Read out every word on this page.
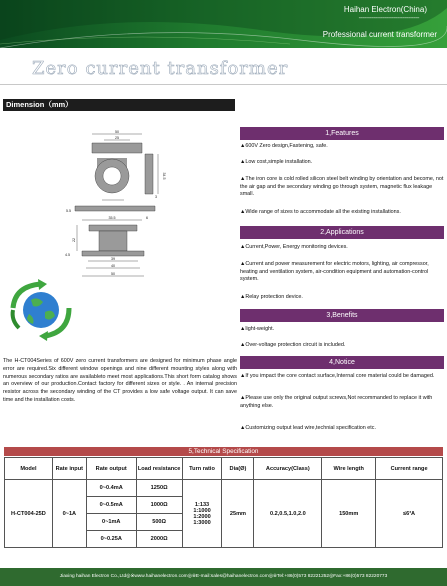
Haihan Electron(China)
---------------------------------
Professional current transformer
Zero current transformer
Dimension（mm）
50
25
34.5
3
5.5
35.5	6
22
4.5
39
40
50
The H-CT004Series of 600V zero current transformers are designed for minimum phase angle error are required.Six different window openings and nine different mounting styles along with numerous secondary ratios are availableto meet most applications.This short form catalog shows an overview of our production.Contact factory for different sizes or style. . An internal precision resistor across the secondary winding of the CT provides a low safe voltage output. It can save time and the installation costs.
1,Features
▲600V Zero design,Fastening, safe.
▲Low cost,simple installation.
▲The iron core is cold rolled silicon steel belt winding by orientation and become, not the air gap and the secondary winding go through system, magnetic flux leakage small.
▲Wide range of sizes to accommodate all the existing installations.
2,Applications
▲Current,Power, Energy monitoring devices.
▲Current and power measurement for electric motors, lighting, air compressor, heating and ventilation system, air-condition equipment and automation-control system.
▲Relay protection device.
3,Benefits
▲light-weight.
▲Over-voltage protection circuit is included.
4,Notice
▲If you impact the core contact surface,Internal core material could be damaged.
▲Please use only the original output screws,Not recommanded to replace it with anything else.
▲Customizing output lead wire,technial specification etc.
5,Technical Specification
Model	Rate input	Rate output	Load resistance	Turn ratio	Dia(Ø)	Accuracy(Class)	Wire length	Current range
H-CT004-25D	0~1A	0~0.4mA	1250Ω	1:133
1:1000
1:2000
1:3000	25mm	0.2,0.5,1.0,2.0	150mm	≤6³A
		0~0.5mA	1000Ω					
		0~1mA	500Ω					
		0~0.25A	2000Ω					
Jiaxing haihan Electron Co.,Ltd◎※www.haihanelectron.com◎※E-mail:sales@haihanelectron.com◎※Tel:+86(0)573 82221252◎Fax:+86(0)573 82220773
